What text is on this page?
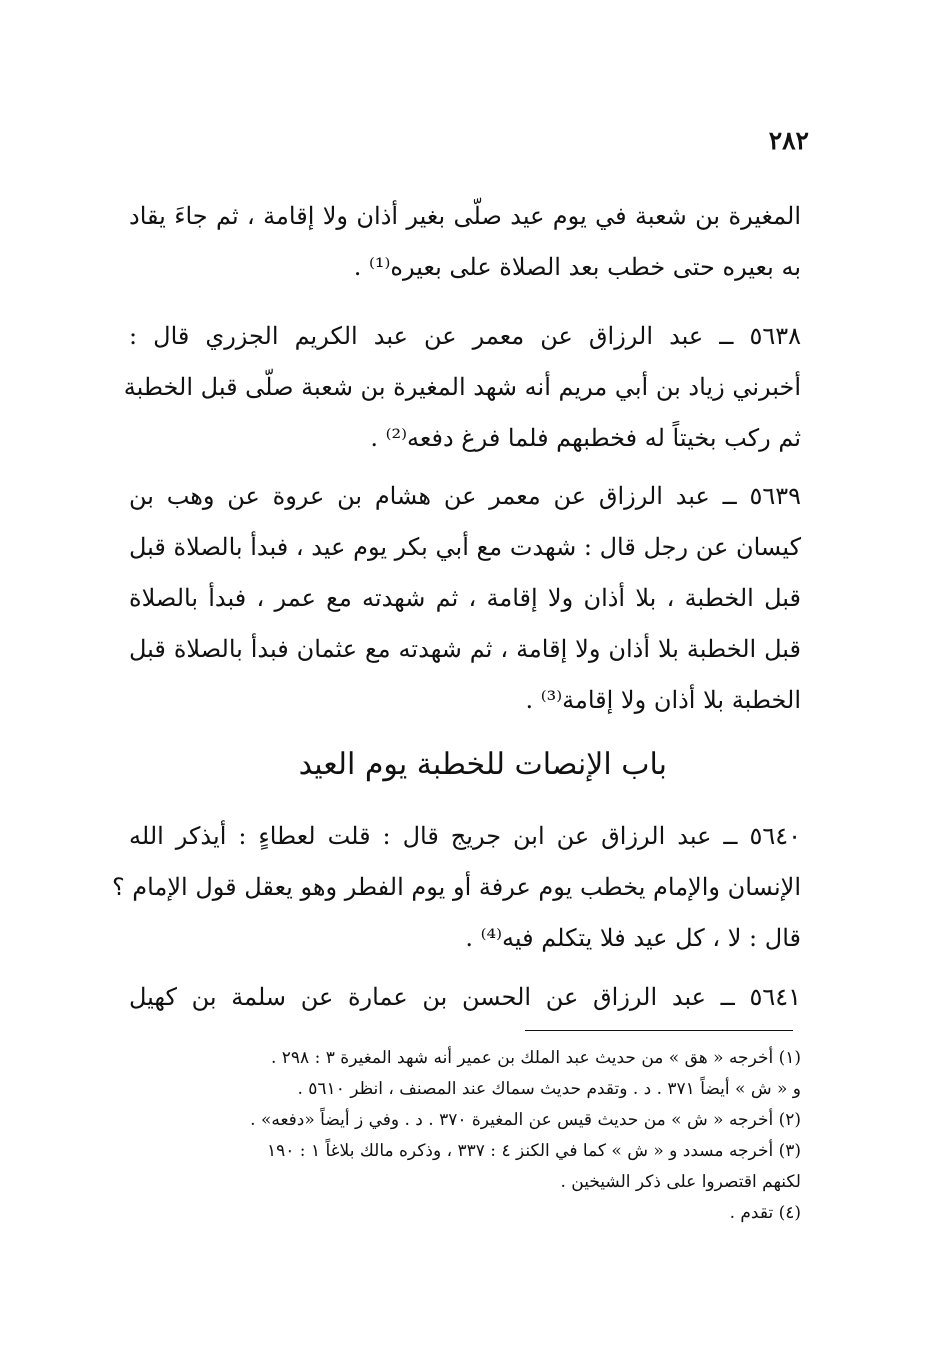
٢٨٢
المغيرة بن شعبة في يوم عيد صلّى بغير أذان ولا إقامة ، ثم جاءَ يقاد
به بعيره حتى خطب بعد الصلاة على بعيره⁽¹⁾ .
٥٦٣٨ ــ عبد الرزاق عن معمر عن عبد الكريم الجزري قال :
أخبرني زياد بن أبي مريم أنه شهد المغيرة بن شعبة صلّى قبل الخطبة
ثم ركب بخيتاً له فخطبهم فلما فرغ دفعه⁽²⁾ .
٥٦٣٩ ــ عبد الرزاق عن معمر عن هشام بن عروة عن وهب بن
كيسان عن رجل قال : شهدت مع أبي بكر يوم عيد ، فبدأ بالصلاة قبل
قبل الخطبة ، بلا أذان ولا إقامة ، ثم شهدته مع عمر ، فبدأ بالصلاة
قبل الخطبة بلا أذان ولا إقامة ، ثم شهدته مع عثمان فبدأ بالصلاة قبل
الخطبة بلا أذان ولا إقامة⁽³⁾ .
باب الإنصات للخطبة يوم العيد
٥٦٤٠ ــ عبد الرزاق عن ابن جريج قال : قلت لعطاءٍ : أيذكر الله
الإنسان والإمام يخطب يوم عرفة أو يوم الفطر وهو يعقل قول الإمام ؟
قال : لا ، كل عيد فلا يتكلم فيه⁽⁴⁾ .
٥٦٤١ ــ عبد الرزاق عن الحسن بن عمارة عن سلمة بن كهيل
(١) أخرجه « هق » من حديث عبد الملك بن عمير أنه شهد المغيرة ٣ : ٢٩٨ .
و « ش » أيضاً ٣٧١ . د . وتقدم حديث سماك عند المصنف ، انظر ٥٦١٠ .
(٢) أخرجه « ش » من حديث قيس عن المغيرة ٣٧٠ . د . وفي ز أيضاً «دفعه» .
(٣) أخرجه مسدد و « ش » كما في الكنز ٤ : ٣٣٧ ، وذكره مالك بلاغاً ١ : ١٩٠
لكنهم اقتصروا على ذكر الشيخين .
(٤) تقدم .
